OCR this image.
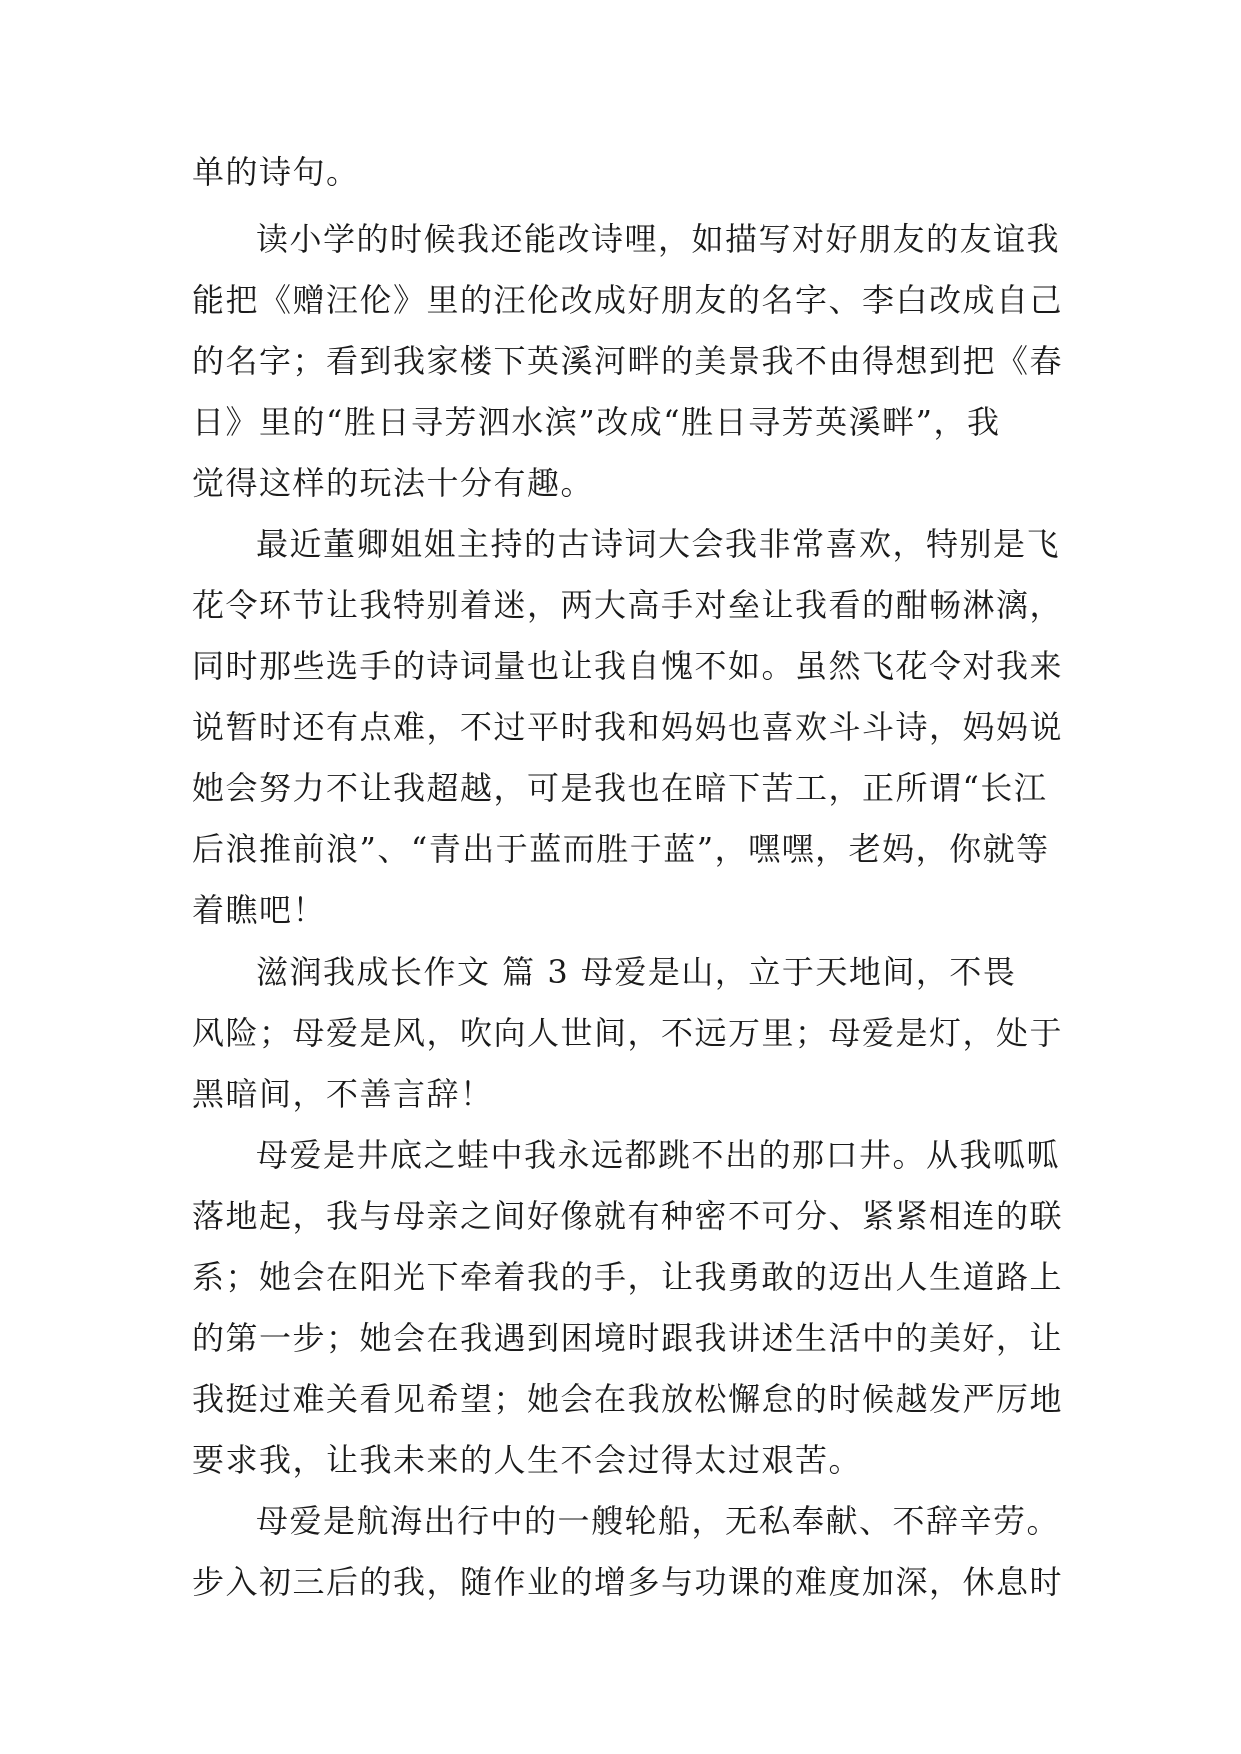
单的诗句。
读小学的时候我还能改诗哩，如描写对好朋友的友谊我
能把《赠汪伦》里的汪伦改成好朋友的名字、李白改成自己
的名字；看到我家楼下英溪河畔的美景我不由得想到把《春
日》里的“胜日寻芳泗水滨”改成“胜日寻芳英溪畔”，我
觉得这样的玩法十分有趣。
最近董卿姐姐主持的古诗词大会我非常喜欢，特别是飞
花令环节让我特别着迷，两大高手对垒让我看的酣畅淋漓，
同时那些选手的诗词量也让我自愧不如。虽然飞花令对我来
说暂时还有点难，不过平时我和妈妈也喜欢斗斗诗，妈妈说
她会努力不让我超越，可是我也在暗下苦工，正所谓“长江
后浪推前浪”、“青出于蓝而胜于蓝”，嘿嘿，老妈，你就等
着瞧吧！
滋润我成长作文 篇 3 母爱是山，立于天地间，不畏
风险；母爱是风，吹向人世间，不远万里；母爱是灯，处于
黑暗间，不善言辞！
母爱是井底之蛙中我永远都跳不出的那口井。从我呱呱
落地起，我与母亲之间好像就有种密不可分、紧紧相连的联
系；她会在阳光下牵着我的手，让我勇敢的迈出人生道路上
的第一步；她会在我遇到困境时跟我讲述生活中的美好，让
我挺过难关看见希望；她会在我放松懈怠的时候越发严厉地
要求我，让我未来的人生不会过得太过艰苦。
母爱是航海出行中的一艘轮船，无私奉献、不辞辛劳。
步入初三后的我，随作业的增多与功课的难度加深，休息时
